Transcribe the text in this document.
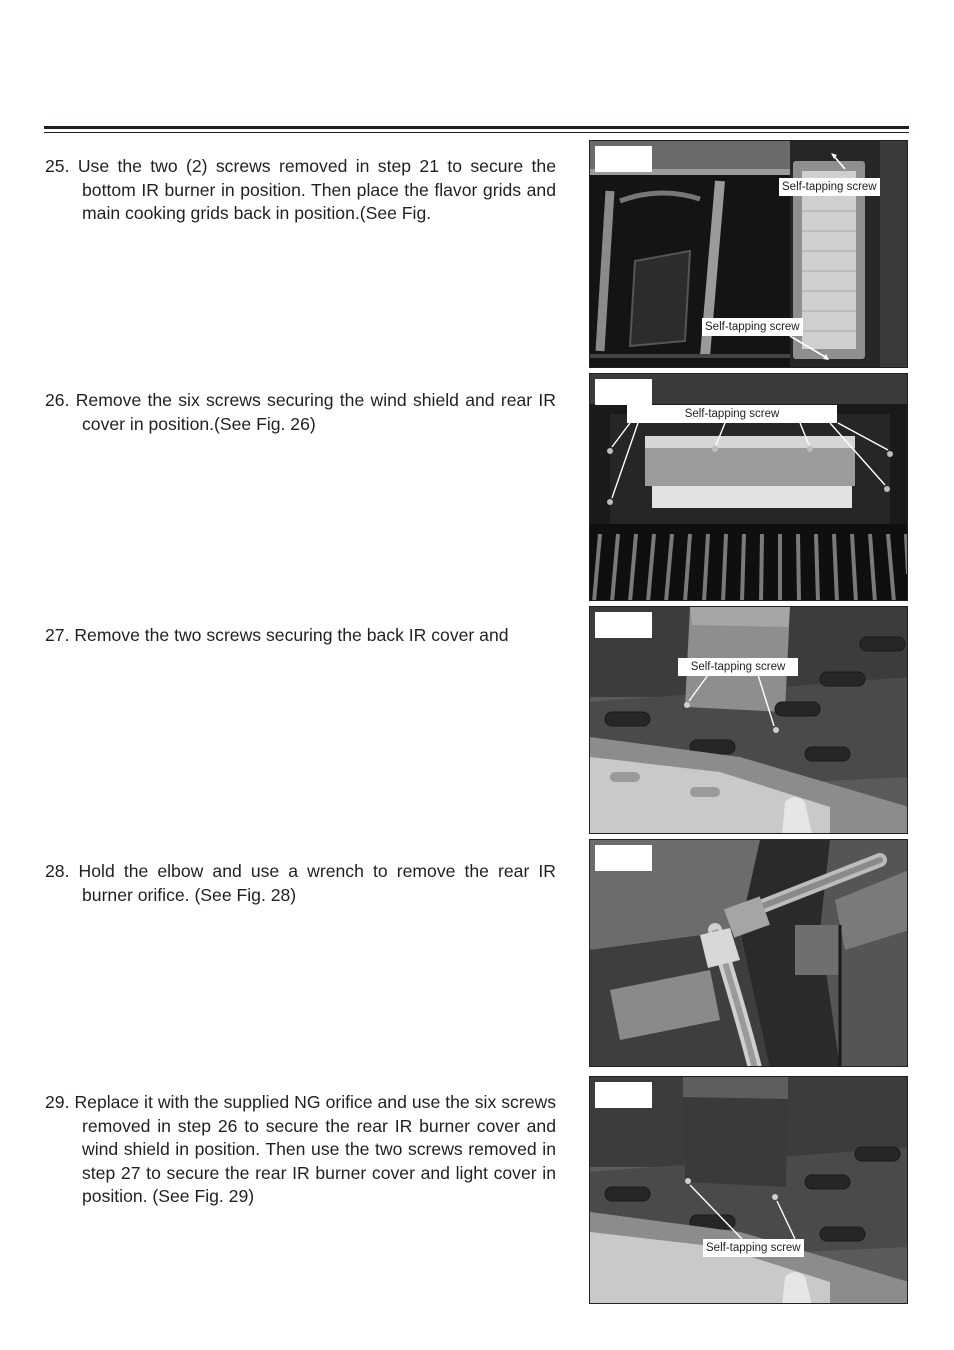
25. Use the two (2) screws removed in step 21 to secure the bottom IR burner in position. Then place the flavor grids and main cooking grids back in position.(See Fig.

26. Remove the six screws securing the wind shield and rear IR cover in position.(See Fig. 26)

27. Remove the two screws securing the back IR cover and

28. Hold the elbow and use a wrench to remove the rear IR burner orifice. (See Fig. 28)

29. Replace it with the supplied NG orifice and use the six screws removed in step 26 to secure the rear IR burner cover and wind shield in position. Then use the two screws removed in step 27 to secure the rear IR burner cover and light cover in position. (See Fig. 29)

Self-tapping screw
Self-tapping screw
Self-tapping screw
Self-tapping screw
Self-tapping screw
